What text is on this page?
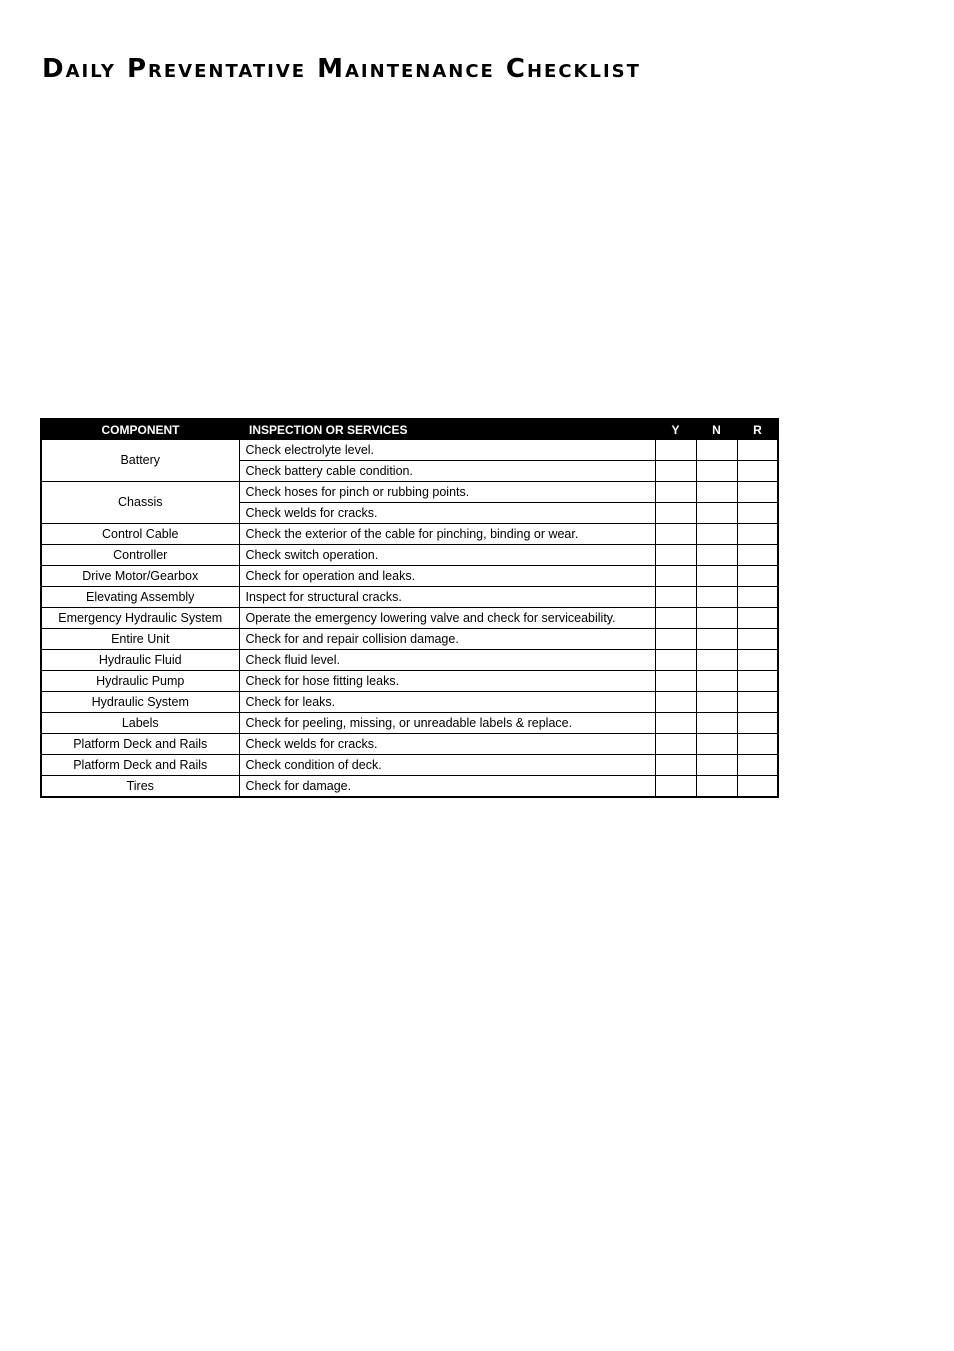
Daily Preventative Maintenance Checklist
COMPONENT	INSPECTION OR SERVICES	Y	N	R
Battery	Check electrolyte level.			
	Check battery cable condition.			
Chassis	Check hoses for pinch or rubbing points.			
	Check welds for cracks.			
Control Cable	Check the exterior of the cable for pinching, binding or wear.			
Controller	Check switch operation.			
Drive Motor/Gearbox	Check for operation and leaks.			
Elevating Assembly	Inspect for structural cracks.			
Emergency Hydraulic System	Operate the emergency lowering valve and check for serviceability.			
Entire Unit	Check for and repair collision damage.			
Hydraulic Fluid	Check fluid level.			
Hydraulic Pump	Check for hose fitting leaks.			
Hydraulic System	Check for leaks.			
Labels	Check for peeling, missing, or unreadable labels & replace.			
Platform Deck and Rails	Check welds for cracks.			
Platform Deck and Rails	Check condition of deck.			
Tires	Check for damage.			
